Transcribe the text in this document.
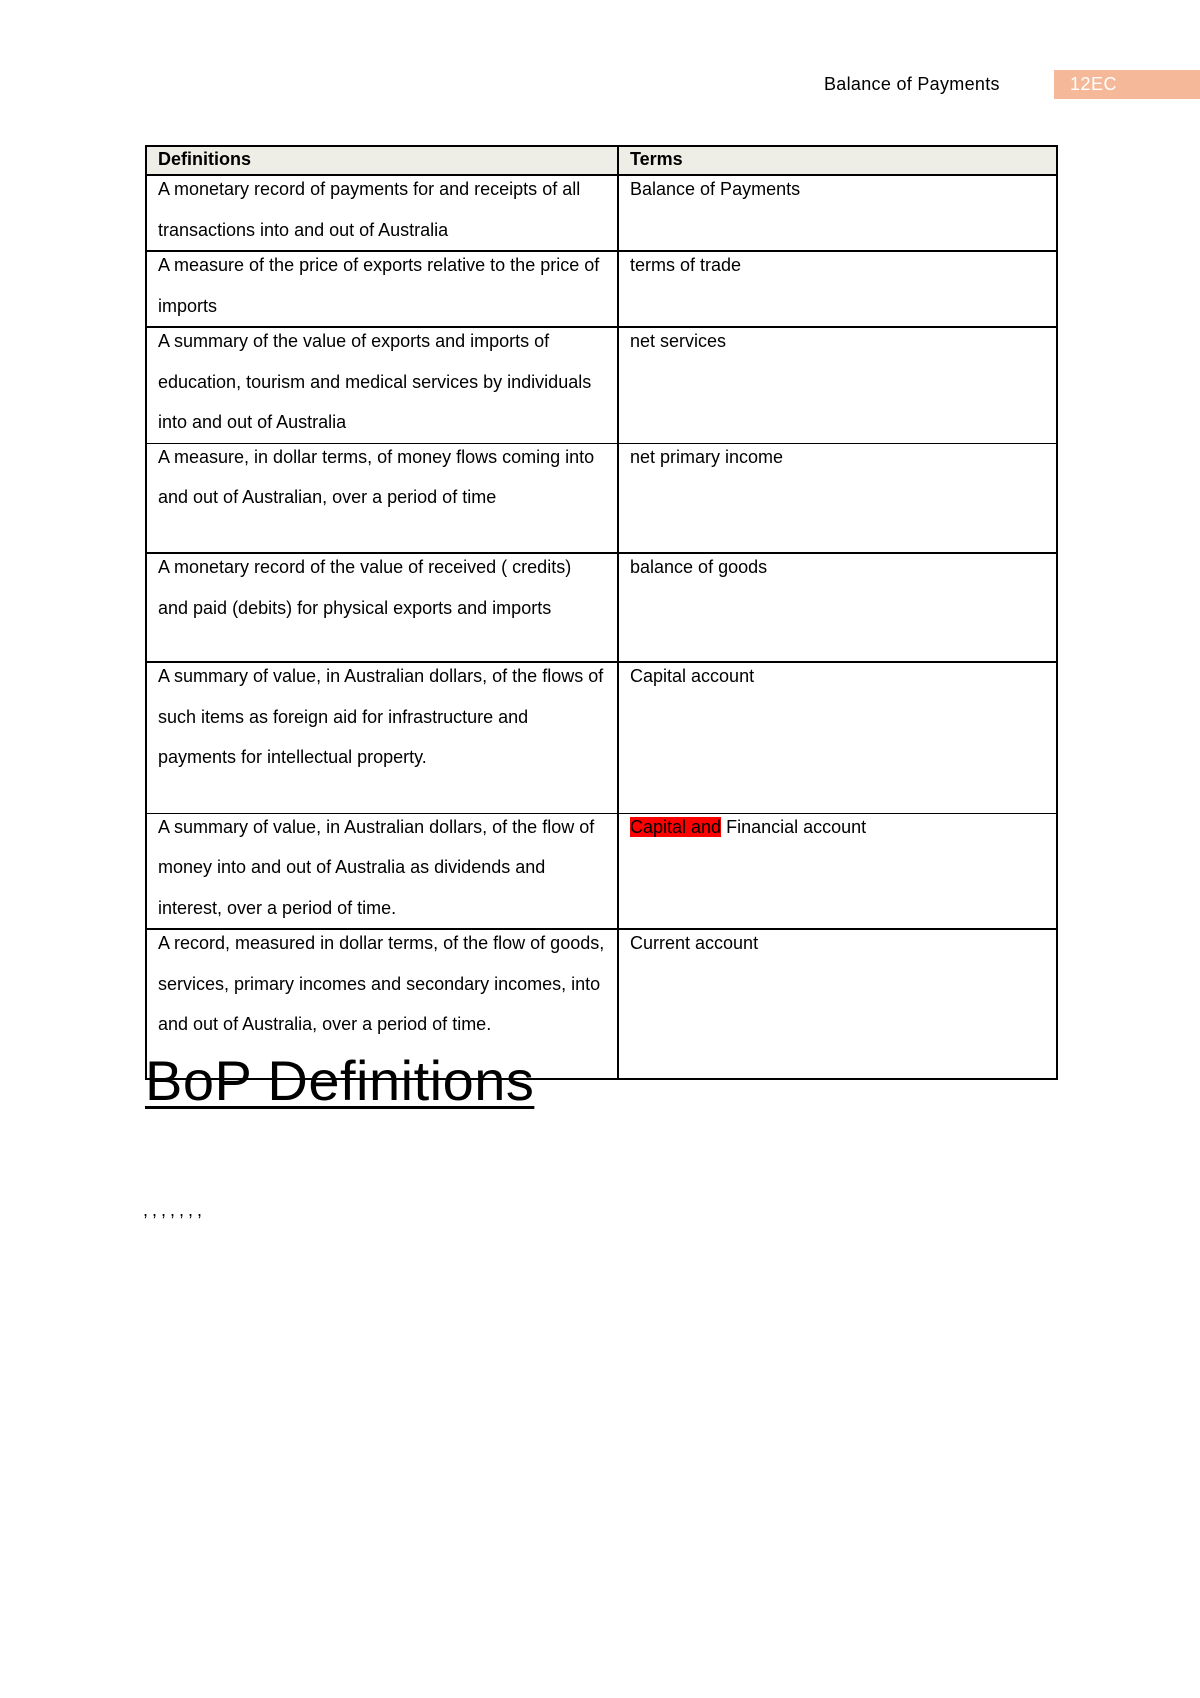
Balance of Payments	12EC
Definitions	Terms

A monetary record of payments for and receipts of all transactions into and out of Australia	Balance of Payments

A measure of the price of exports relative to the price of imports	terms of trade

A summary of the value of exports and imports of education, tourism and medical services by individuals into and out of Australia	net services

A measure, in dollar terms, of money flows coming into and out of Australian, over a period of time	net primary income

A monetary record of the value of received ( credits) and paid (debits) for physical exports and imports	balance of goods

A summary of value, in Australian dollars, of the flows of such items as foreign aid for infrastructure and payments for intellectual property.	Capital account

A summary of value, in Australian dollars, of the flow of money into and out of Australia as dividends and interest, over a period of time.	Capital and Financial account

A record, measured in dollar terms, of the flow of goods, services, primary incomes and secondary incomes, into and out of Australia, over a period of time.	Current account
BoP Definitions
,,,,,,,
